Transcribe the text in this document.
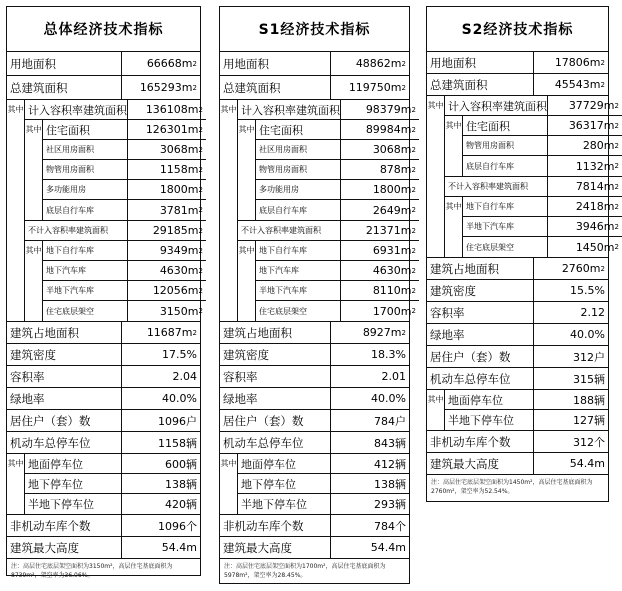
总体经济技术指标
用地面积	66668m 2
总建筑面积	165293m 2
其中 计入容积率建筑面积 136108m 2
其中 住宅面积	126301m 2
社区用房面积	3068m 2
物管用房面积	1158m 2
多功能用房	1800m 2
底层自行车库	3781m 2
不计入容积率建筑面积	29185m 2
其中 地下自行车库	9349m 2
地下汽车库	4630m 2
半地下汽车库	12056m 2
住宅底层架空	3150m 2
建筑占地面积	11687m 2
建筑密度	17.5%
容积率	2.04
绿地率	40.0%
居住户（套）数	1096户
机动车总停车位	1158辆
其中 地面停车位	600辆
地下停车位	138辆
半地下停车位	420辆
非机动车库个数	1096个
建筑最大高度	54.4m
注：高层住宅底层架空面积为3150m²，高层住宅基底面积为8739m²，架空率为36.06%。
S1经济技术指标
用地面积	48862m 2
总建筑面积	119750m 2
其中 计入容积率建筑面积 98379m 2
其中 住宅面积	89984m 2
社区用房面积	3068m 2
物管用房面积	878m 2
多功能用房	1800m 2
底层自行车库	2649m 2
不计入容积率建筑面积	21371m 2
其中 地下自行车库	6931m 2
地下汽车库	4630m 2
半地下汽车库	8110m 2
住宅底层架空	1700m 2
建筑占地面积	8927m 2
建筑密度	18.3%
容积率	2.01
绿地率	40.0%
居住户（套）数	784户
机动车总停车位	843辆
其中 地面停车位	412辆
地下停车位	138辆
半地下停车位	293辆
非机动车库个数	784个
建筑最大高度	54.4m
注：高层住宅底层架空面积为1700m²，高层住宅基底面积为5978m²，架空率为28.45%。
S2经济技术指标
用地面积	17806m 2
总建筑面积	45543m 2
其中 计入容积率建筑面积 37729m 2
其中 住宅面积	36317m 2
物管用房面积	280m 2
底层自行车库	1132m 2
不计入容积率建筑面积	7814m 2
其中 地下自行车库	2418m 2
半地下汽车库	3946m 2
住宅底层架空	1450m 2
建筑占地面积	2760m 2
建筑密度	15.5%
容积率	2.12
绿地率	40.0%
居住户（套）数	312户
机动车总停车位	315辆
其中 地面停车位	188辆
半地下停车位	127辆
非机动车库个数	312个
建筑最大高度	54.4m
注：高层住宅底层架空面积为1450m²，高层住宅基底面积为2760m²，架空率为52.54%。
